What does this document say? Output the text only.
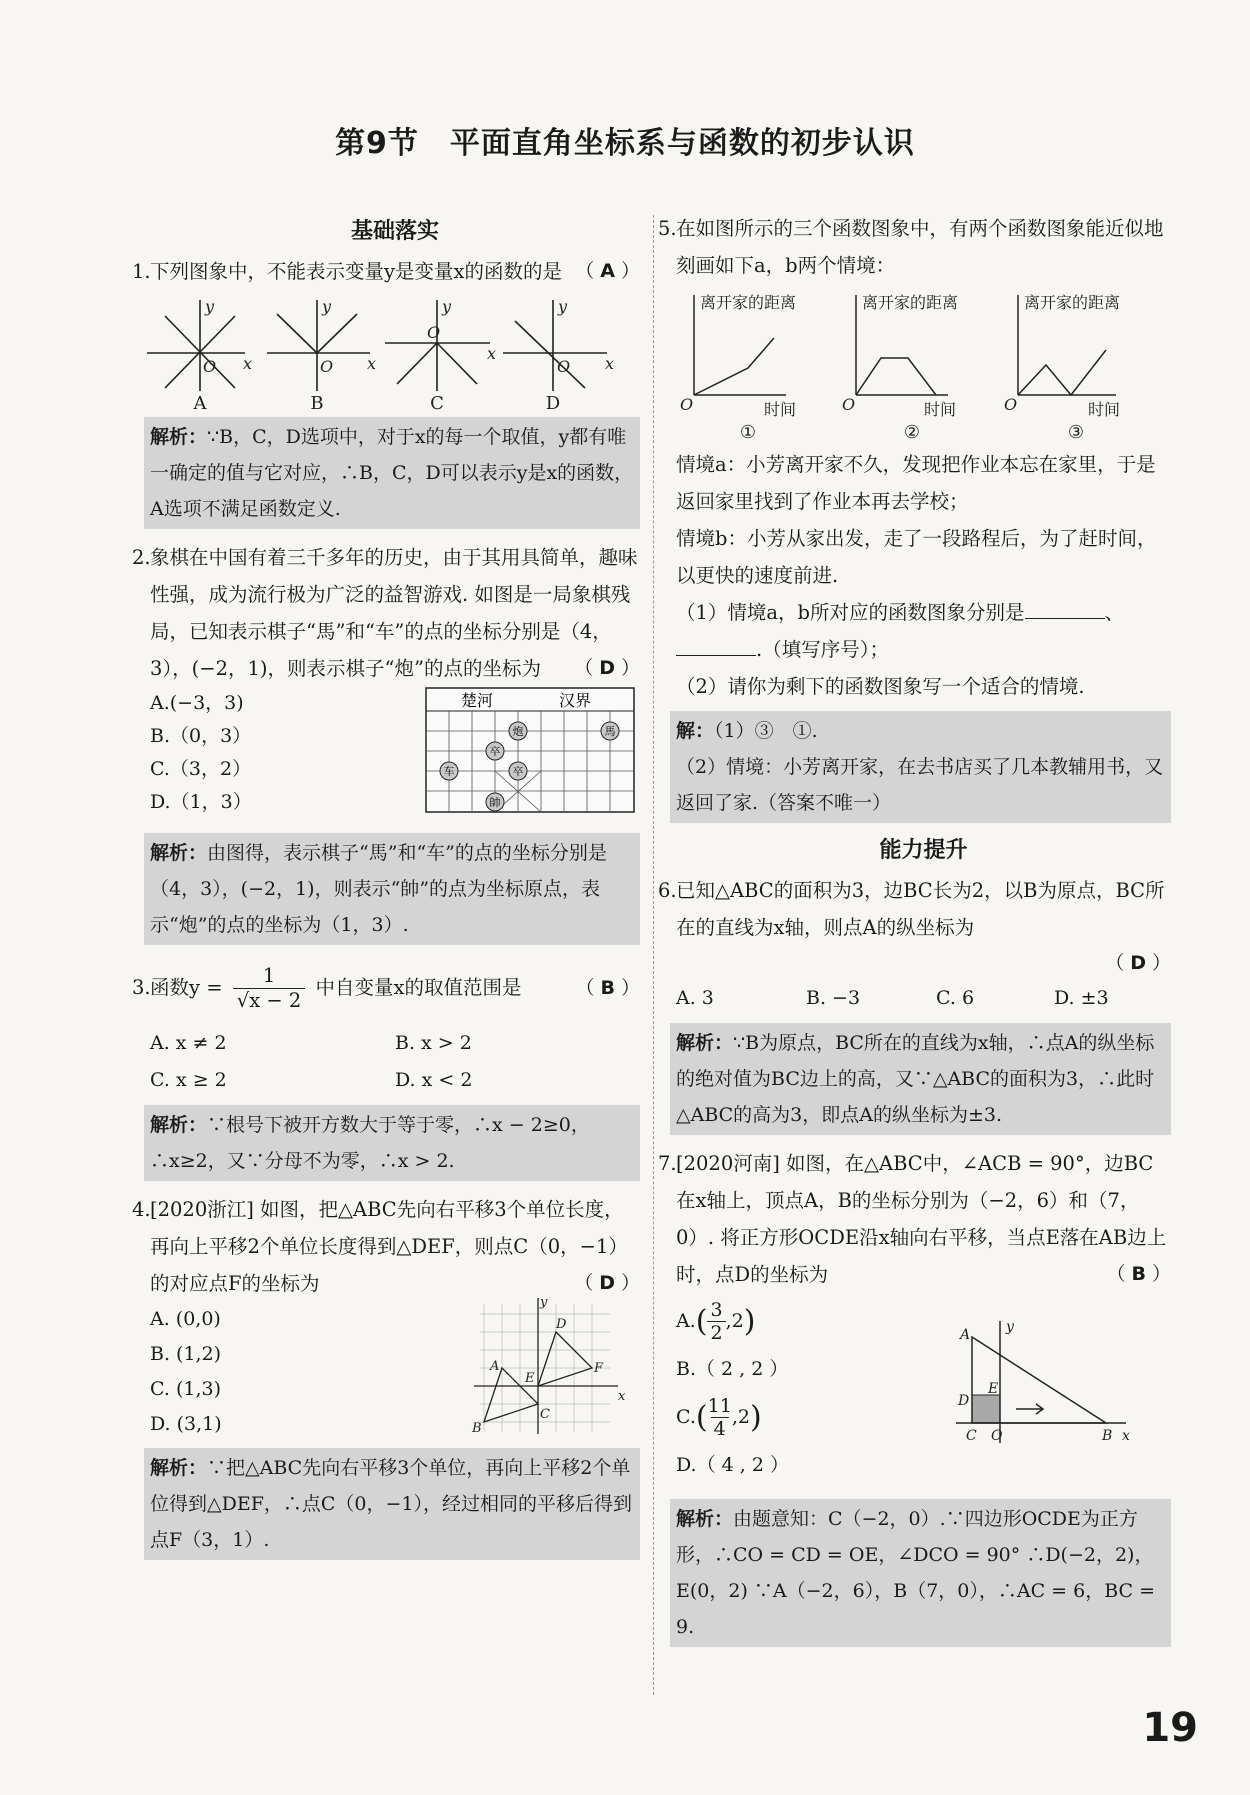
第9节　平面直角坐标系与函数的初步认识
基础落实
1. 下列图象中，不能表示变量y是变量x的函数的是 （ A ）
y
x
O
y
x
O
y
x
O
y
x
O
A	B	C	D
解析：∵B，C，D选项中，对于x的每一个取值，y都有唯一确定的值与它对应，∴B，C，D可以表示y是x的函数，A选项不满足函数定义.
2. 象棋在中国有着三千多年的历史，由于其用具简单，趣味性强，成为流行极为广泛的益智游戏. 如图是一局象棋残局，已知表示棋子“馬”和“车”的点的坐标分别是（4，3），(−2，1)，则表示棋子“炮”的点的坐标为 （ D ）
A.(−3，3)
B.（0，3）
C.（3，2）
D.（1，3）
楚河	汉界
炮	馬
卒
车	卒
帥
解析：由图得，表示棋子“馬”和“车”的点的坐标分别是（4，3），(−2，1)，则表示“帥”的点为坐标原点，表示“炮”的点的坐标为（1，3）.
3. 函数$y = \frac{1}{√x - 2}$ 中自变量x的取值范围是	（ B ）
A. x ≠ 2	B. x > 2
C. x ≥ 2	D. x < 2
解析：∵根号下被开方数大于等于零，∴x − 2≥0，∴x≥2，又∵分母不为零，∴x > 2.
4. [2020浙江] 如图，把△ABC先向右平移3个单位长度，再向上平移2个单位长度得到△DEF，则点C（0，−1）的对应点F的坐标为	（ D ）
A. (0,0)
B. (1,2)
C. (1,3)
D. (3,1)
y
x
A
B
C
D
E
F
解析：∵把△ABC先向右平移3个单位，再向上平移2个单位得到△DEF，∴点C（0，−1），经过相同的平移后得到点F（3，1）.
5. 在如图所示的三个函数图象中，有两个函数图象能近似地刻画如下a，b两个情境：
离开家的距离	离开家的距离	离开家的距离
时间	时间	时间
O	O	O
①	②	③
情境a：小芳离开家不久，发现把作业本忘在家里，于是返回家里找到了作业本再去学校；
情境b：小芳从家出发，走了一段路程后，为了赶时间，以更快的速度前进.
（1）情境a，b所对应的函数图象分别是	、
.（填写序号）；
（2）请你为剩下的函数图象写一个适合的情境.
解：（1）③　①.
（2）情境：小芳离开家，在去书店买了几本教辅用书，又返回了家.（答案不唯一）
能力提升
6. 已知△ABC的面积为3，边BC长为2，以B为原点，BC所在的直线为x轴，则点A的纵坐标为
（ D ）
A. 3	B. −3	C. 6	D. ±3
解析：∵B为原点，BC所在的直线为x轴，∴点A的纵坐标的绝对值为BC边上的高，又∵△ABC的面积为3，∴此时△ABC的高为3，即点A的纵坐标为±3.
7. [2020河南] 如图，在△ABC中，∠ACB = 90°，边BC在x轴上，顶点A，B的坐标分别为（−2，6）和（7，0）. 将正方形OCDE沿x轴向右平移，当点E落在AB边上时，点D的坐标为	（ B ）
A. ( $\frac{3}{2} ,2$ )
B.（ 2 , 2 ）
C. ( $\frac{11}{4} ,2$ )
D.（ 4 , 2 ）
A
D
E
C O	B x
y
解析：由题意知：C（−2，0）.∵四边形OCDE为正方形，∴CO = CD = OE，∠DCO = 90° ∴D(−2，2)，E(0，2) ∵A（−2，6），B（7，0），∴AC = 6，BC = 9.
19
